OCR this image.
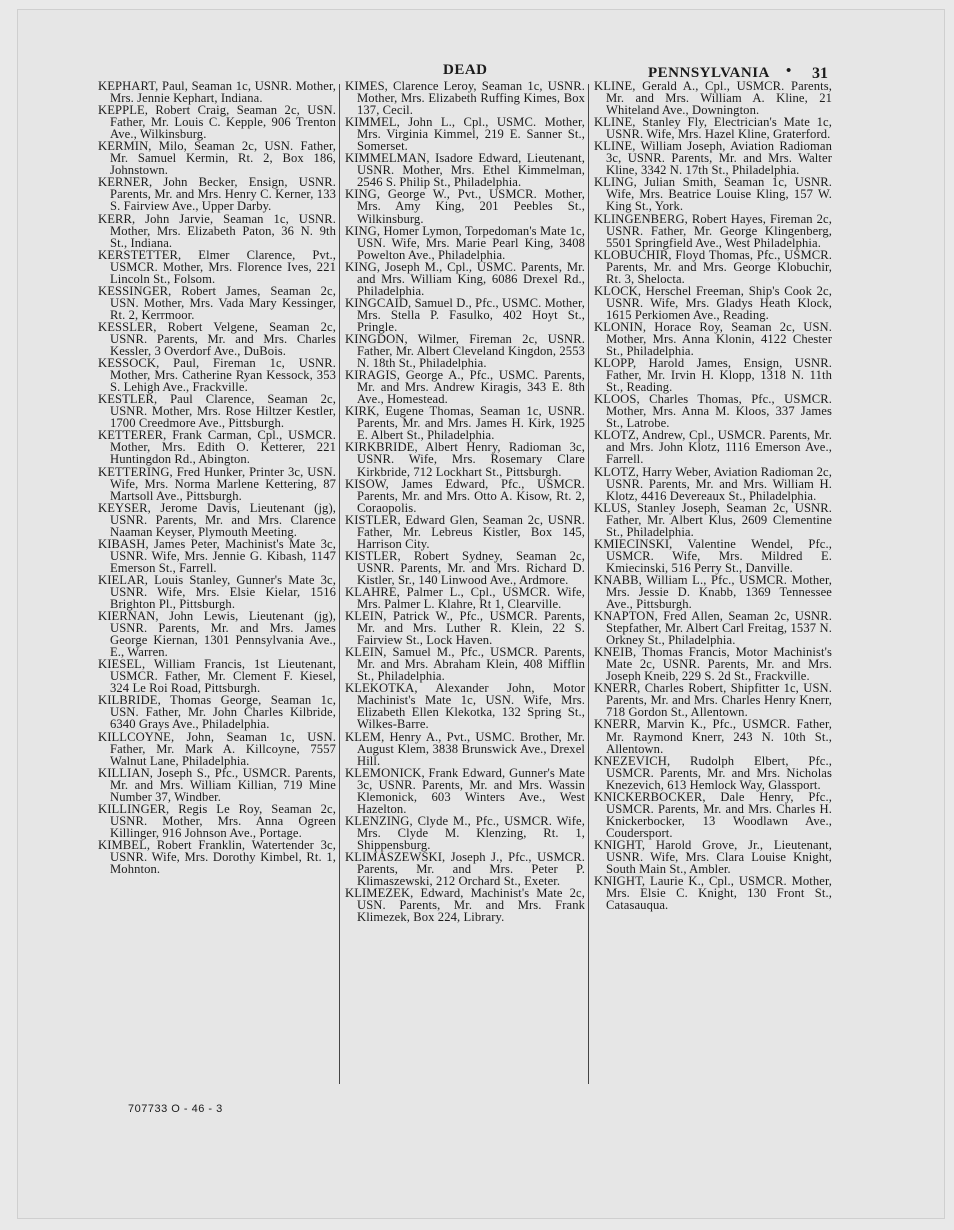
DEAD	PENNSYLVANIA • 31
KEPHART, Paul, Seaman 1c, USNR. Mother, Mrs. Jennie Kephart, Indiana.
KEPPLE, Robert Craig, Seaman 2c, USN. Father, Mr. Louis C. Kepple, 906 Trenton Ave., Wilkinsburg.
KERMIN, Milo, Seaman 2c, USN. Father, Mr. Samuel Kermin, Rt. 2, Box 186, Johnstown.
KERNER, John Becker, Ensign, USNR. Parents, Mr. and Mrs. Henry C. Kerner, 133 S. Fairview Ave., Upper Darby.
KERR, John Jarvie, Seaman 1c, USNR. Mother, Mrs. Elizabeth Paton, 36 N. 9th St., Indiana.
KERSTETTER, Elmer Clarence, Pvt., USMCR. Mother, Mrs. Florence Ives, 221 Lincoln St., Folsom.
KESSINGER, Robert James, Seaman 2c, USN. Mother, Mrs. Vada Mary Kessinger, Rt. 2, Kerrmoor.
KESSLER, Robert Velgene, Seaman 2c, USNR. Parents, Mr. and Mrs. Charles Kessler, 3 Overdorf Ave., DuBois.
KESSOCK, Paul, Fireman 1c, USNR. Mother, Mrs. Catherine Ryan Kessock, 353 S. Lehigh Ave., Frackville.
KESTLER, Paul Clarence, Seaman 2c, USNR. Mother, Mrs. Rose Hiltzer Kestler, 1700 Creedmore Ave., Pittsburgh.
KETTERER, Frank Carman, Cpl., USMCR. Mother, Mrs. Edith O. Ketterer, 221 Huntingdon Rd., Abington.
KETTERING, Fred Hunker, Printer 3c, USN. Wife, Mrs. Norma Marlene Kettering, 87 Martsoll Ave., Pittsburgh.
KEYSER, Jerome Davis, Lieutenant (jg), USNR. Parents, Mr. and Mrs. Clarence Naaman Keyser, Plymouth Meeting.
KIBASH, James Peter, Machinist's Mate 3c, USNR. Wife, Mrs. Jennie G. Kibash, 1147 Emerson St., Farrell.
KIELAR, Louis Stanley, Gunner's Mate 3c, USNR. Wife, Mrs. Elsie Kielar, 1516 Brighton Pl., Pittsburgh.
KIERNAN, John Lewis, Lieutenant (jg), USNR. Parents, Mr. and Mrs. James George Kiernan, 1301 Pennsylvania Ave., E., Warren.
KIESEL, William Francis, 1st Lieutenant, USMCR. Father, Mr. Clement F. Kiesel, 324 Le Roi Road, Pittsburgh.
KILBRIDE, Thomas George, Seaman 1c, USN. Father, Mr. John Charles Kilbride, 6340 Grays Ave., Philadelphia.
KILLCOYNE, John, Seaman 1c, USN. Father, Mr. Mark A. Killcoyne, 7557 Walnut Lane, Philadelphia.
KILLIAN, Joseph S., Pfc., USMCR. Parents, Mr. and Mrs. William Killian, 719 Mine Number 37, Windber.
KILLINGER, Regis Le Roy, Seaman 2c, USNR. Mother, Mrs. Anna Ogreen Killinger, 916 Johnson Ave., Portage.
KIMBEL, Robert Franklin, Watertender 3c, USNR. Wife, Mrs. Dorothy Kimbel, Rt. 1, Mohnton.
KIMES, Clarence Leroy, Seaman 1c, USNR. Mother, Mrs. Elizabeth Ruffing Kimes, Box 137, Cecil.
KIMMEL, John L., Cpl., USMC. Mother, Mrs. Virginia Kimmel, 219 E. Sanner St., Somerset.
KIMMELMAN, Isadore Edward, Lieutenant, USNR. Mother, Mrs. Ethel Kimmelman, 2546 S. Philip St., Philadelphia.
KING, George W., Pvt., USMCR. Mother, Mrs. Amy King, 201 Peebles St., Wilkinsburg.
KING, Homer Lymon, Torpedoman's Mate 1c, USN. Wife, Mrs. Marie Pearl King, 3408 Powelton Ave., Philadelphia.
KING, Joseph M., Cpl., USMC. Parents, Mr. and Mrs. William King, 6086 Drexel Rd., Philadelphia.
KINGCAID, Samuel D., Pfc., USMC. Mother, Mrs. Stella P. Fasulko, 402 Hoyt St., Pringle.
KINGDON, Wilmer, Fireman 2c, USNR. Father, Mr. Albert Cleveland Kingdon, 2553 N. 18th St., Philadelphia.
KIRAGIS, George A., Pfc., USMC. Parents, Mr. and Mrs. Andrew Kiragis, 343 E. 8th Ave., Homestead.
KIRK, Eugene Thomas, Seaman 1c, USNR. Parents, Mr. and Mrs. James H. Kirk, 1925 E. Albert St., Philadelphia.
KIRKBRIDE, Albert Henry, Radioman 3c, USNR. Wife, Mrs. Rosemary Clare Kirkbride, 712 Lockhart St., Pittsburgh.
KISOW, James Edward, Pfc., USMCR. Parents, Mr. and Mrs. Otto A. Kisow, Rt. 2, Coraopolis.
KISTLER, Edward Glen, Seaman 2c, USNR. Father, Mr. Lebreus Kistler, Box 145, Harrison City.
KISTLER, Robert Sydney, Seaman 2c, USNR. Parents, Mr. and Mrs. Richard D. Kistler, Sr., 140 Linwood Ave., Ardmore.
KLAHRE, Palmer L., Cpl., USMCR. Wife, Mrs. Palmer L. Klahre, Rt 1, Clearville.
KLEIN, Patrick W., Pfc., USMCR. Parents, Mr. and Mrs. Luther R. Klein, 22 S. Fairview St., Lock Haven.
KLEIN, Samuel M., Pfc., USMCR. Parents, Mr. and Mrs. Abraham Klein, 408 Mifflin St., Philadelphia.
KLEKOTKA, Alexander John, Motor Machinist's Mate 1c, USN. Wife, Mrs. Elizabeth Ellen Klekotka, 132 Spring St., Wilkes-Barre.
KLEM, Henry A., Pvt., USMC. Brother, Mr. August Klem, 3838 Brunswick Ave., Drexel Hill.
KLEMONICK, Frank Edward, Gunner's Mate 3c, USNR. Parents, Mr. and Mrs. Wassin Klemonick, 603 Winters Ave., West Hazelton.
KLENZING, Clyde M., Pfc., USMCR. Wife, Mrs. Clyde M. Klenzing, Rt. 1, Shippensburg.
KLIMASZEWSKI, Joseph J., Pfc., USMCR. Parents, Mr. and Mrs. Peter P. Klimaszewski, 212 Orchard St., Exeter.
KLIMEZEK, Edward, Machinist's Mate 2c, USN. Parents, Mr. and Mrs. Frank Klimezek, Box 224, Library.
KLINE, Gerald A., Cpl., USMCR. Parents, Mr. and Mrs. William A. Kline, 21 Whiteland Ave., Downington.
KLINE, Stanley Fly, Electrician's Mate 1c, USNR. Wife, Mrs. Hazel Kline, Graterford.
KLINE, William Joseph, Aviation Radioman 3c, USNR. Parents, Mr. and Mrs. Walter Kline, 3342 N. 17th St., Philadelphia.
KLING, Julian Smith, Seaman 1c, USNR. Wife, Mrs. Beatrice Louise Kling, 157 W. King St., York.
KLINGENBERG, Robert Hayes, Fireman 2c, USNR. Father, Mr. George Klingenberg, 5501 Springfield Ave., West Philadelphia.
KLOBUCHIR, Floyd Thomas, Pfc., USMCR. Parents, Mr. and Mrs. George Klobuchir, Rt. 3, Shelocta.
KLOCK, Herschel Freeman, Ship's Cook 2c, USNR. Wife, Mrs. Gladys Heath Klock, 1615 Perkiomen Ave., Reading.
KLONIN, Horace Roy, Seaman 2c, USN. Mother, Mrs. Anna Klonin, 4122 Chester St., Philadelphia.
KLOPP, Harold James, Ensign, USNR. Father, Mr. Irvin H. Klopp, 1318 N. 11th St., Reading.
KLOOS, Charles Thomas, Pfc., USMCR. Mother, Mrs. Anna M. Kloos, 337 James St., Latrobe.
KLOTZ, Andrew, Cpl., USMCR. Parents, Mr. and Mrs. John Klotz, 1116 Emerson Ave., Farrell.
KLOTZ, Harry Weber, Aviation Radioman 2c, USNR. Parents, Mr. and Mrs. William H. Klotz, 4416 Devereaux St., Philadelphia.
KLUS, Stanley Joseph, Seaman 2c, USNR. Father, Mr. Albert Klus, 2609 Clementine St., Philadelphia.
KMIECINSKI, Valentine Wendel, Pfc., USMCR. Wife, Mrs. Mildred E. Kmiecinski, 516 Perry St., Danville.
KNABB, William L., Pfc., USMCR. Mother, Mrs. Jessie D. Knabb, 1369 Tennessee Ave., Pittsburgh.
KNAPTON, Fred Allen, Seaman 2c, USNR. Stepfather, Mr. Albert Carl Freitag, 1537 N. Orkney St., Philadelphia.
KNEIB, Thomas Francis, Motor Machinist's Mate 2c, USNR. Parents, Mr. and Mrs. Joseph Kneib, 229 S. 2d St., Frackville.
KNERR, Charles Robert, Shipfitter 1c, USN. Parents, Mr. and Mrs. Charles Henry Knerr, 718 Gordon St., Allentown.
KNERR, Marvin K., Pfc., USMCR. Father, Mr. Raymond Knerr, 243 N. 10th St., Allentown.
KNEZEVICH, Rudolph Elbert, Pfc., USMCR. Parents, Mr. and Mrs. Nicholas Knezevich, 613 Hemlock Way, Glassport.
KNICKERBOCKER, Dale Henry, Pfc., USMCR. Parents, Mr. and Mrs. Charles H. Knickerbocker, 13 Woodlawn Ave., Coudersport.
KNIGHT, Harold Grove, Jr., Lieutenant, USNR. Wife, Mrs. Clara Louise Knight, South Main St., Ambler.
KNIGHT, Laurie K., Cpl., USMCR. Mother, Mrs. Elsie C. Knight, 130 Front St., Catasauqua.
707733 O - 46 - 3
